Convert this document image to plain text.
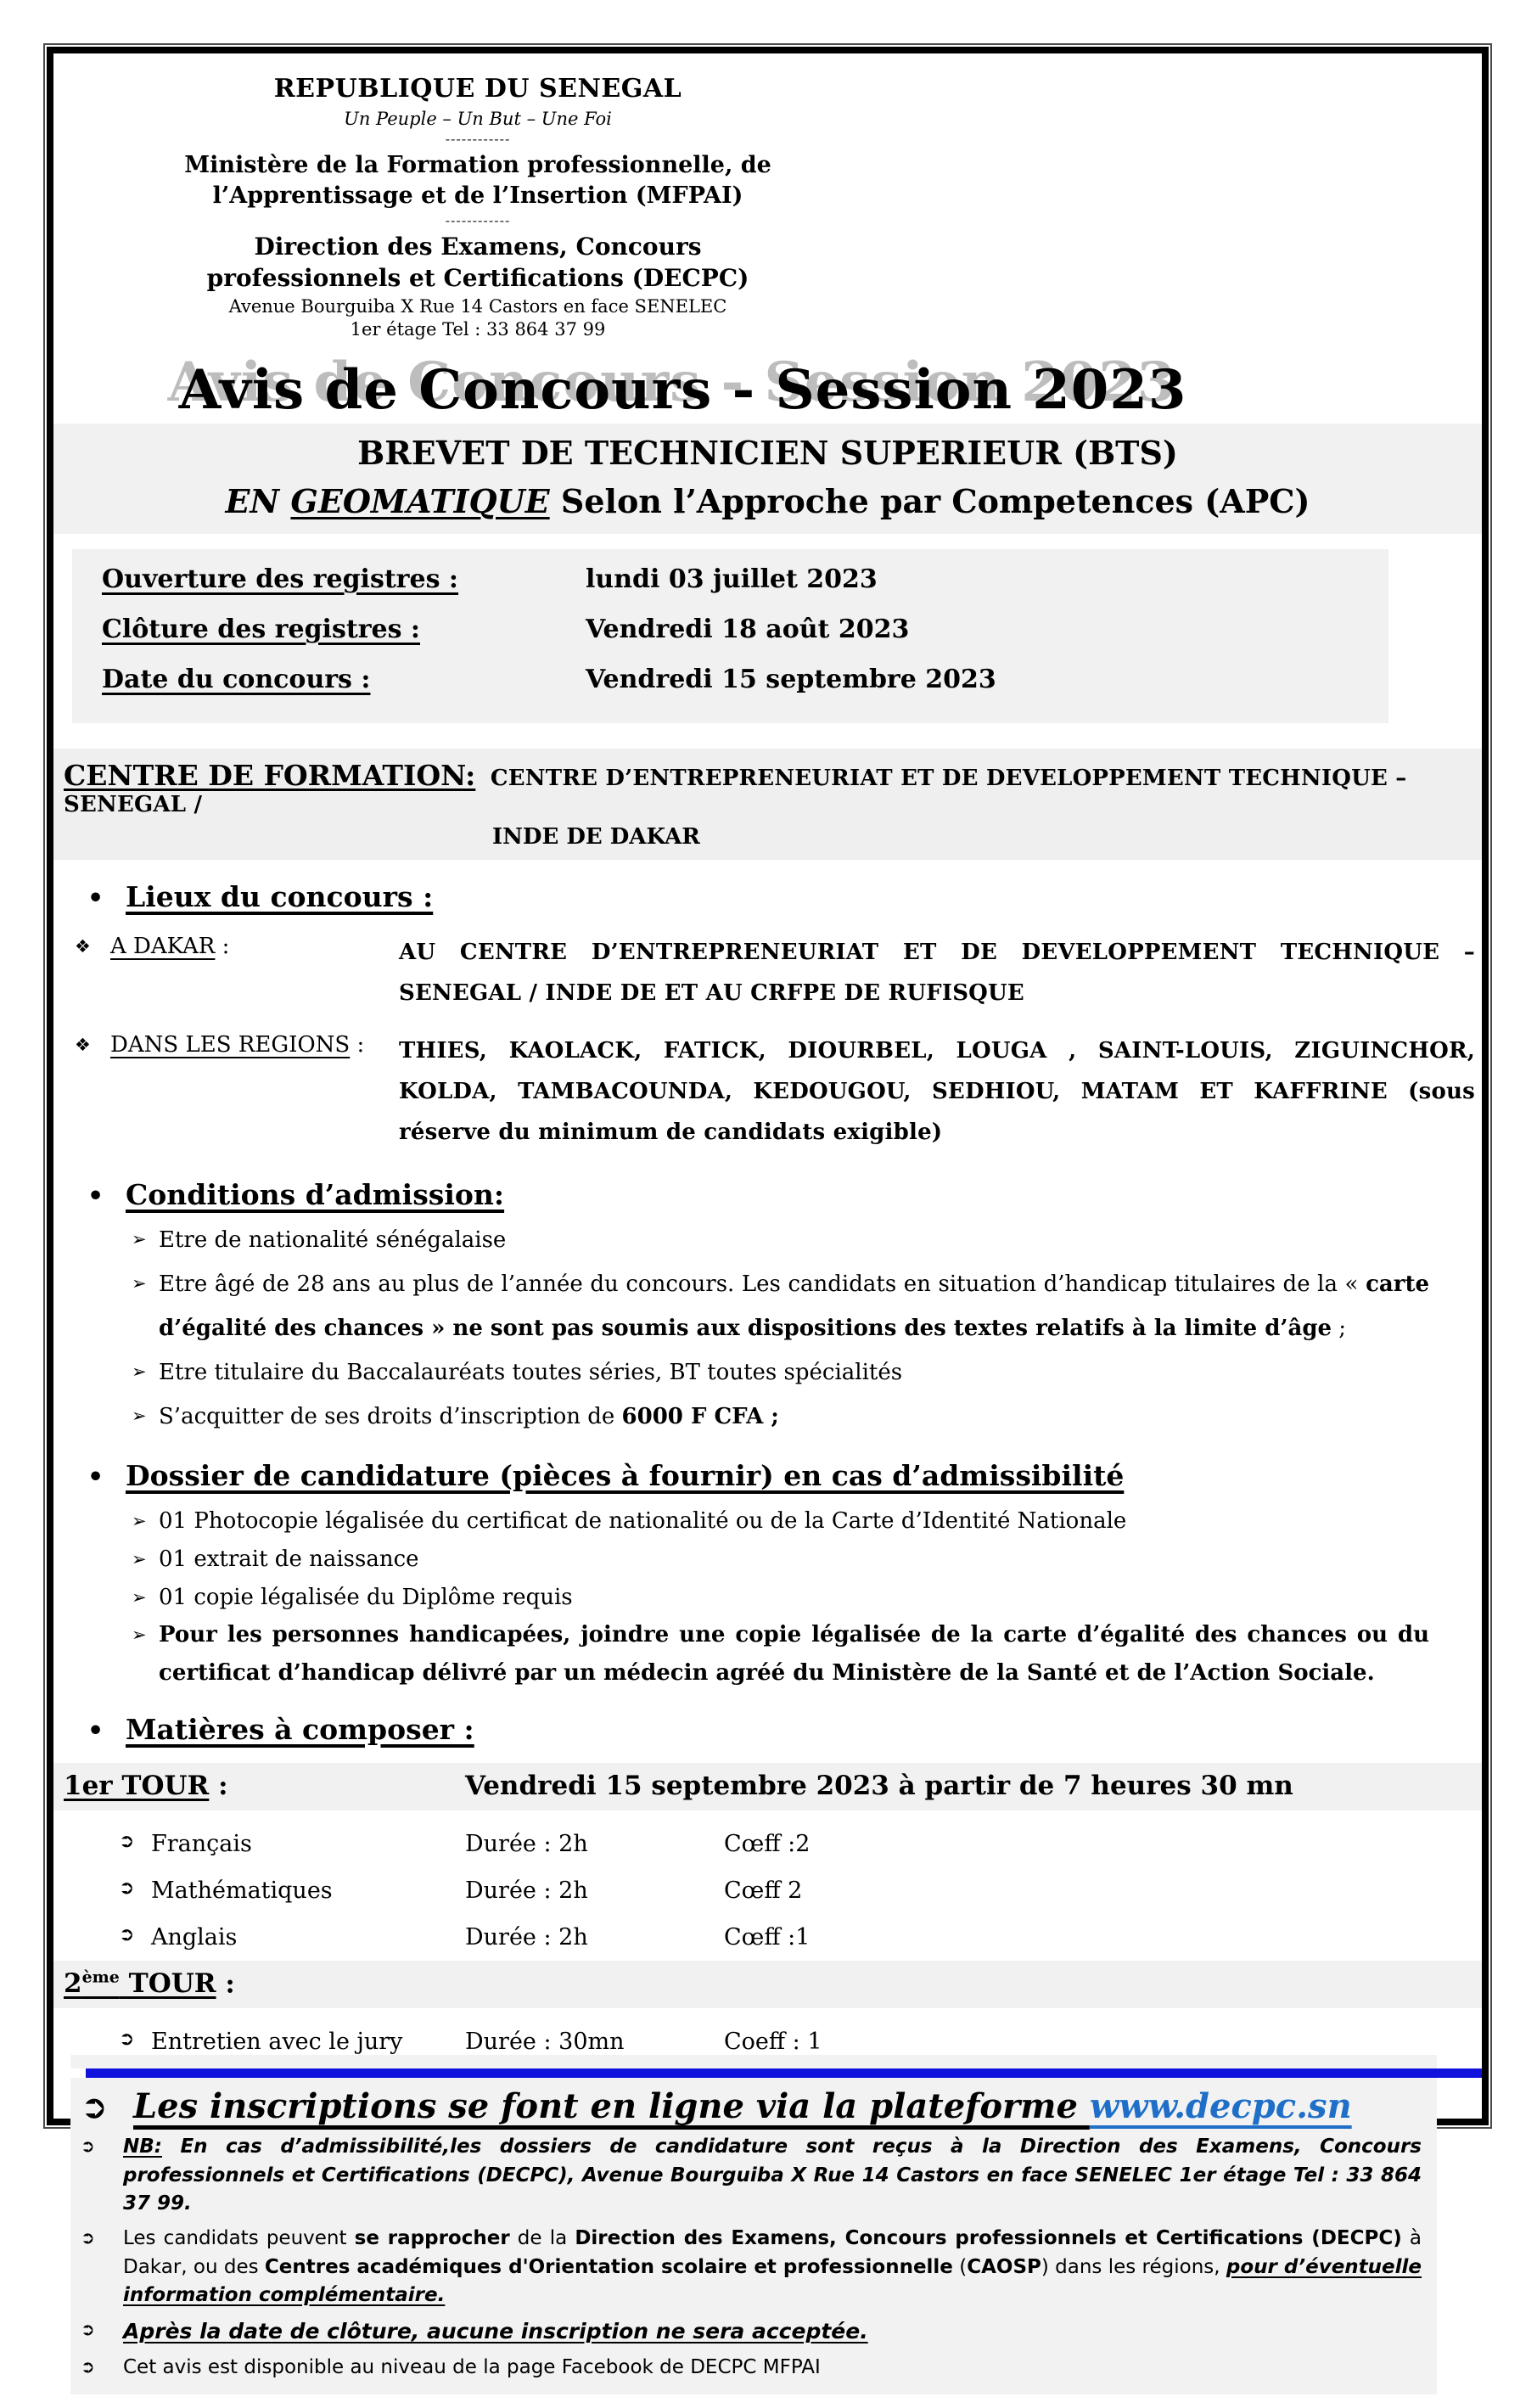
REPUBLIQUE DU SENEGAL
Un Peuple – Un But – Une Foi
------------
Ministère de la Formation professionnelle, de
l’Apprentissage et de l’Insertion (MFPAI)
------------
Direction des Examens, Concours
professionnels et Certifications (DECPC)
Avenue Bourguiba X Rue 14 Castors en face SENELEC
1er étage Tel : 33 864 37 99
Avis de Concours - Session 2023
BREVET DE TECHNICIEN SUPERIEUR (BTS)
EN GEOMATIQUE Selon l’Approche par Competences (APC)
Ouverture des registres :	lundi 03 juillet 2023
Clôture des registres :	Vendredi 18 août 2023
Date du concours :	Vendredi 15 septembre 2023
CENTRE DE FORMATION: CENTRE D’ENTREPRENEURIAT ET DE DEVELOPPEMENT TECHNIQUE – SENEGAL /
INDE DE DAKAR
• Lieux du concours :
❖ A DAKAR :	AU CENTRE D’ENTREPRENEURIAT ET DE DEVELOPPEMENT TECHNIQUE – SENEGAL / INDE DE ET AU CRFPE DE RUFISQUE
❖ DANS LES REGIONS :	THIES, KAOLACK, FATICK, DIOURBEL, LOUGA , SAINT-LOUIS, ZIGUINCHOR, KOLDA, TAMBACOUNDA, KEDOUGOU, SEDHIOU, MATAM ET KAFFRINE (sous réserve du minimum de candidats exigible)
• Conditions d’admission:
➢ Etre de nationalité sénégalaise
➢ Etre âgé de 28 ans au plus de l’année du concours. Les candidats en situation d’handicap titulaires de la « carte d’égalité des chances » ne sont pas soumis aux dispositions des textes relatifs à la limite d’âge ;
➢ Etre titulaire du Baccalauréats toutes séries, BT toutes spécialités
➢ S’acquitter de ses droits d’inscription de 6000 F CFA ;
• Dossier de candidature (pièces à fournir) en cas d’admissibilité
➢ 01 Photocopie légalisée du certificat de nationalité ou de la Carte d’Identité Nationale
➢ 01 extrait de naissance
➢ 01 copie légalisée du Diplôme requis
➢ Pour les personnes handicapées, joindre une copie légalisée de la carte d’égalité des chances ou du certificat d’handicap délivré par un médecin agréé du Ministère de la Santé et de l’Action Sociale.
• Matières à composer :
1er TOUR :	Vendredi 15 septembre 2023 à partir de 7 heures 30 mn
➲ Français	Durée : 2h	Cœff :2
➲ Mathématiques	Durée : 2h	Cœff 2
➲ Anglais	Durée : 2h	Cœff :1
2ème TOUR :
➲ Entretien avec le jury	Durée : 30mn	Coeff : 1
➲ Les inscriptions se font en ligne via la plateforme www.decpc.sn
➲	NB: En cas d’admissibilité,les dossiers de candidature sont reçus à la Direction des Examens, Concours professionnels et Certifications (DECPC), Avenue Bourguiba X Rue 14 Castors en face SENELEC 1er étage Tel : 33 864 37 99.
➲	Les candidats peuvent se rapprocher de la Direction des Examens, Concours professionnels et Certifications (DECPC) à Dakar, ou des Centres académiques d'Orientation scolaire et professionnelle (CAOSP) dans les régions, pour d’éventuelle information complémentaire.
➲	Après la date de clôture, aucune inscription ne sera acceptée.
➲	Cet avis est disponible au niveau de la page Facebook de DECPC MFPAI
